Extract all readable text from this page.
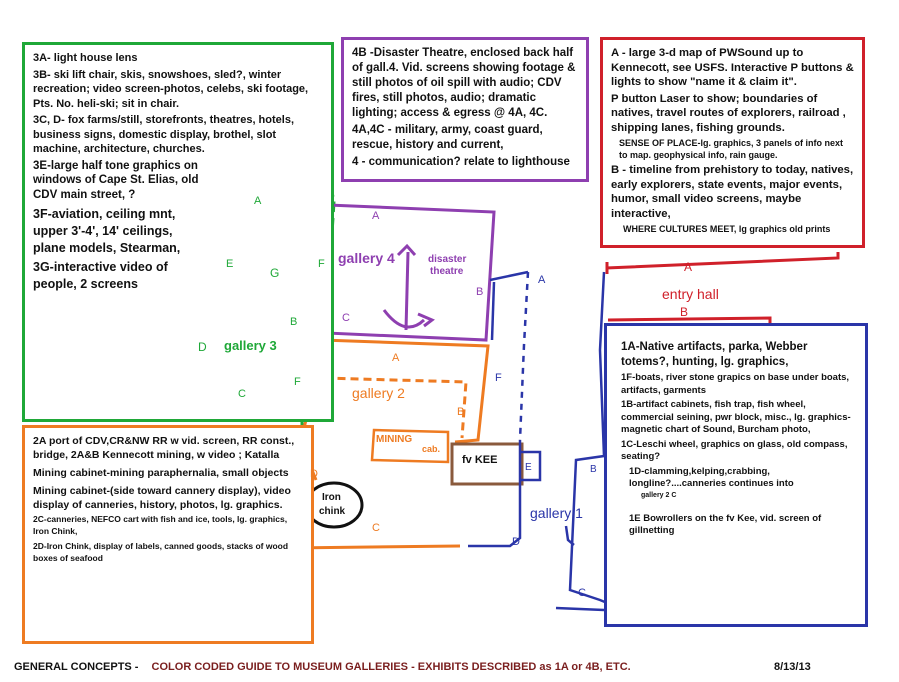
3A- light house lens

3B- ski lift chair, skis, snowshoes, sled?, winter recreation; video screen-photos, celebs, ski footage, Pts. No. heli-ski; sit in chair.

3C, D- fox farms/still, storefronts, theatres, hotels, business signs, domestic display, brothel, slot machine, architecture, churches.

3E-large half tone graphics on windows of Cape St. Elias, old CDV main street, ?

3F-aviation, ceiling mnt, upper 3'-4', 14' ceilings, plane models, Stearman,

3G-interactive video of people, 2 screens

4B -Disaster Theatre, enclosed back half of gall.4. Vid. screens showing footage & still photos of oil spill with audio; CDV fires, still photos, audio; dramatic lighting; access & egress @ 4A, 4C.

4A,4C - military, army, coast guard, rescue, history and current,

4 - communication? relate to lighthouse

A - large 3-d map of PWSound up to Kennecott, see USFS. Interactive P buttons & lights to show "name it & claim it".

P button Laser to show; boundaries of natives, travel routes of explorers, railroad , shipping lanes, fishing grounds.

SENSE OF PLACE-lg. graphics, 3 panels of info next to map. geophysical info, rain gauge.

B - timeline from prehistory to today, natives, early explorers, state events, major events, humor, small video screens, maybe interactive,

WHERE CULTURES MEET, lg graphics old prints

2A port of CDV,CR&NW RR w vid. screen, RR const., bridge, 2A&B Kennecott mining, w video ; Katalla

Mining cabinet-mining paraphernalia, small objects

Mining cabinet-(side toward cannery display), video display of canneries, history, photos, lg. graphics.

2C-canneries, NEFCO cart with fish and ice, tools, lg. graphics, Iron Chink,

2D-Iron Chink, display of labels, canned goods, stacks of wood boxes of seafood

1A-Native artifacts, parka, Webber totems?, hunting, lg. graphics,

1F-boats, river stone grapics on base under boats, artifacts, garments

1B-artifact cabinets, fish trap, fish wheel, commercial seining, pwr block, misc., lg. graphics-magnetic chart of Sound, Burcham photo,

1C-Leschi wheel, graphics on glass, old compass, seating?

1D-clamming,kelping,crabbing, longline?....canneries continues into

gallery 2 C

1E Bowrollers on the fv Kee, vid. screen of gillnetting

gallery 3
gallery 4	disaster
theatre
gallery 2
MINING
cab.
fv KEE
Iron
chink	gallery 1
entry hall
A
B
C
D
E	F
F
G
A
B
C
A
B
C
D
A
B
C
D
E
F
A
B
GENERAL CONCEPTS - COLOR CODED GUIDE TO MUSEUM GALLERIES - EXHIBITS DESCRIBED as 1A or 4B, ETC.	8/13/13
